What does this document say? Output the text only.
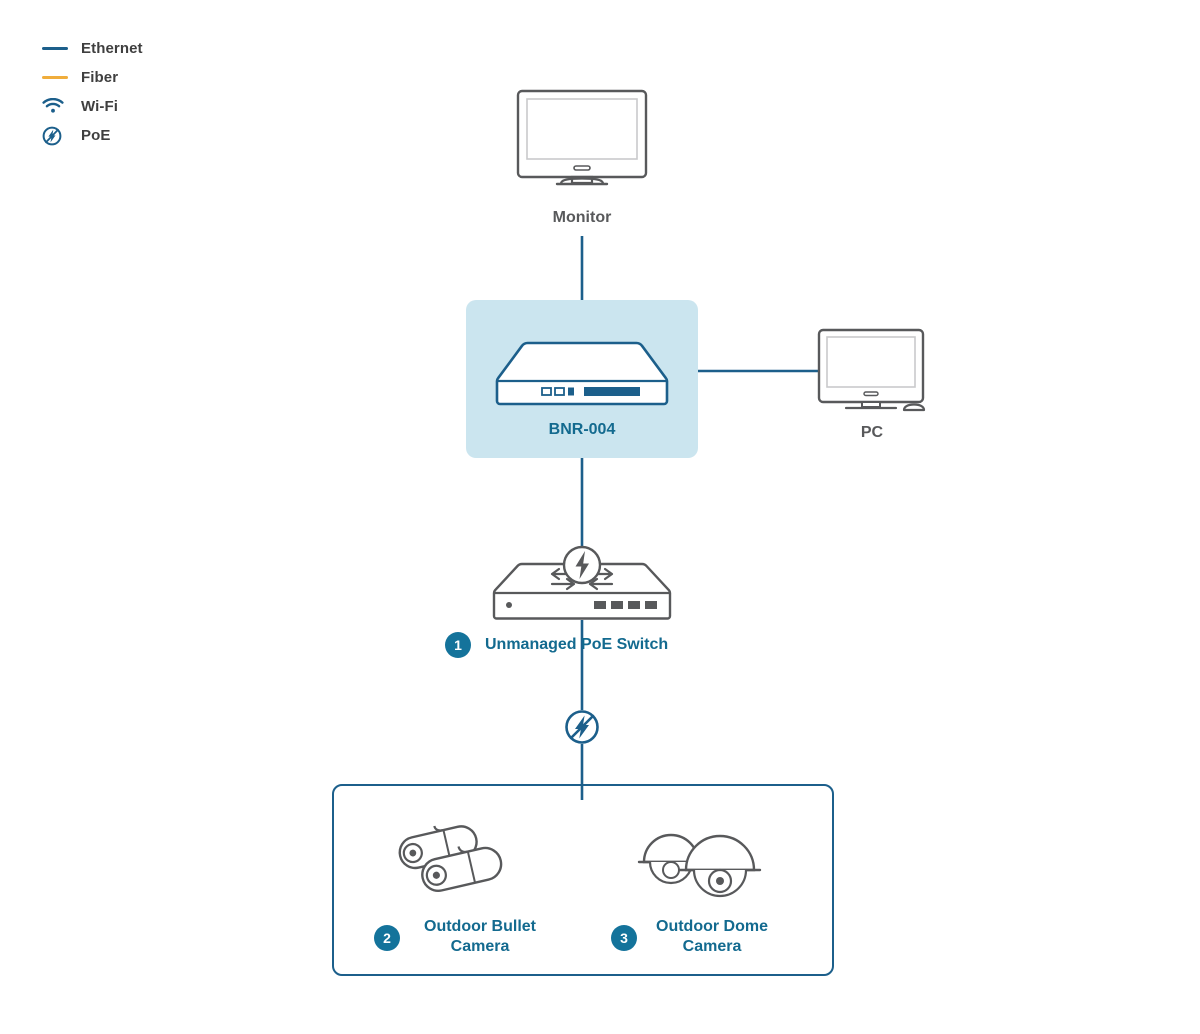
Ethernet
Fiber
Wi-Fi
PoE
Monitor
BNR-004	PC
1	Unmanaged PoE Switch
2
Outdoor Bullet
Camera	3
Outdoor Dome
Camera
